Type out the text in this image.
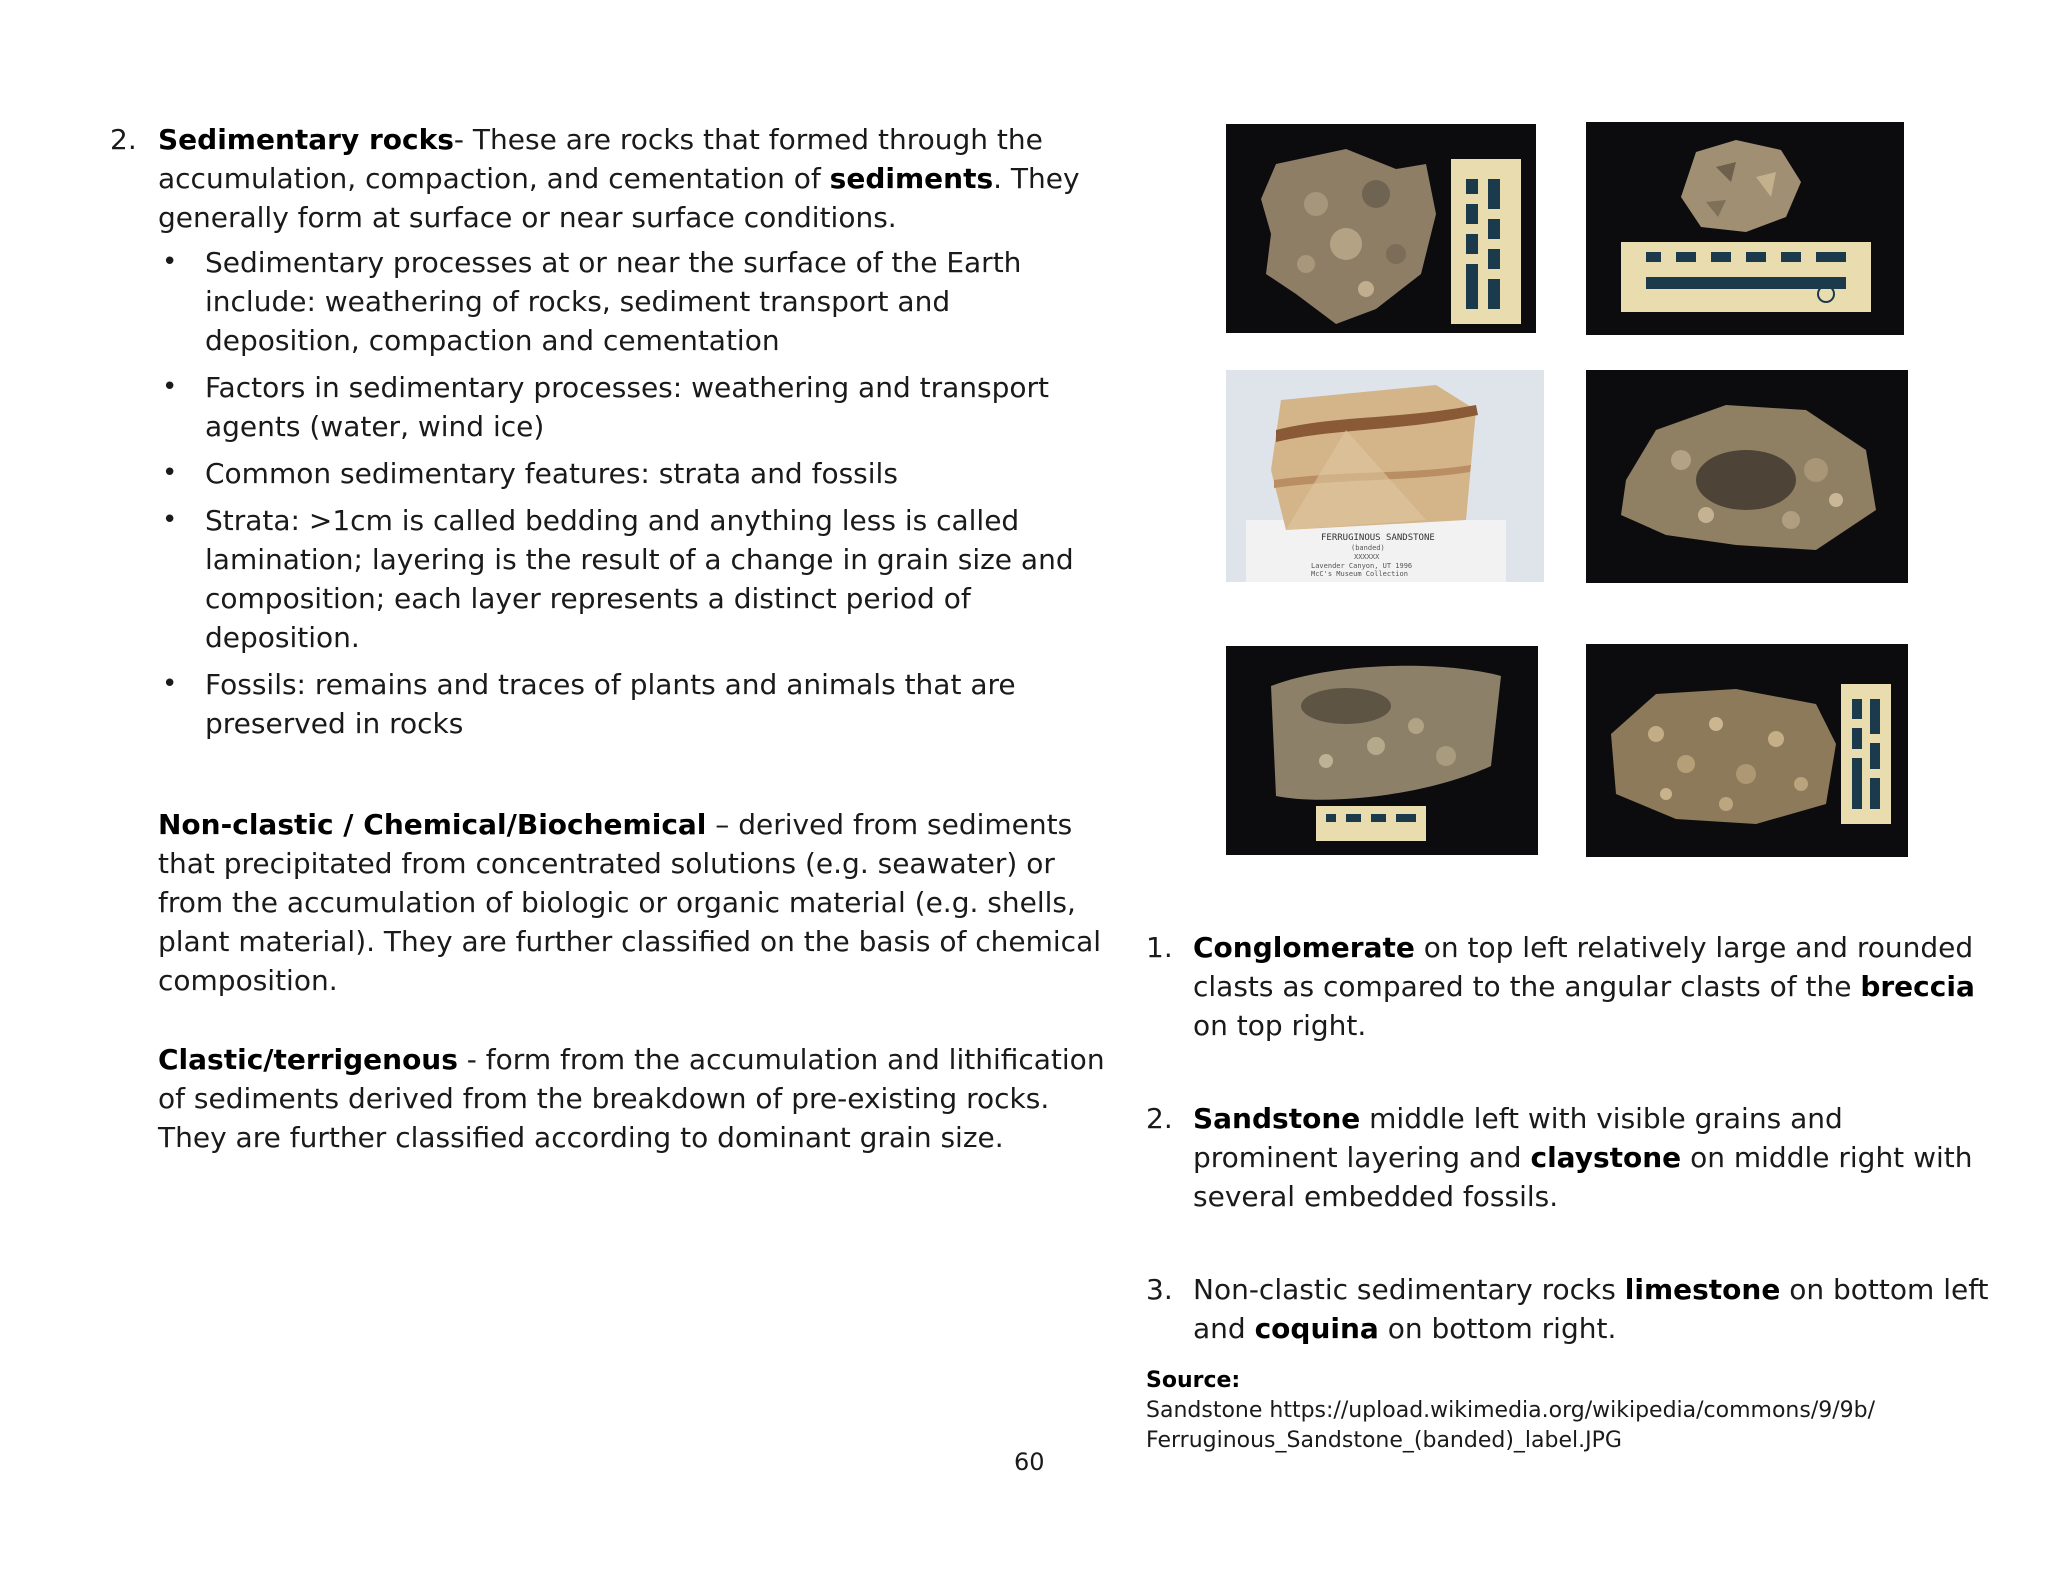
2. Sedimentary rocks- These are rocks that formed through the accumulation, compaction, and cementation of sediments. They generally form at surface or near surface conditions.
• Sedimentary processes at or near the surface of the Earth include: weathering of rocks, sediment transport and deposition, compaction and cementation
• Factors in sedimentary processes: weathering and transport agents (water, wind ice)
• Common sedimentary features: strata and fossils
• Strata: >1cm is called bedding and anything less is called lamination; layering is the result of a change in grain size and composition; each layer represents a distinct period of deposition.
• Fossils: remains and traces of plants and animals that are preserved in rocks
Non-clastic / Chemical/Biochemical – derived from sediments that precipitated from concentrated solutions (e.g. seawater) or from the accumulation of biologic or organic material (e.g. shells, plant material). They are further classified on the basis of chemical composition.
Clastic/terrigenous - form from the accumulation and lithification of sediments derived from the breakdown of pre-existing rocks. They are further classified according to dominant grain size.
FERRUGINOUS SANDSTONE
(banded)
XXXXXX
Lavender Canyon, UT 1996
McC's Museum Collection
1. Conglomerate on top left relatively large and rounded clasts as compared to the angular clasts of the breccia on top right.
2. Sandstone middle left with visible grains and prominent layering and claystone on middle right with several embedded fossils.
3. Non-clastic sedimentary rocks limestone on bottom left and coquina on bottom right.
Source:
Sandstone https://upload.wikimedia.org/wikipedia/commons/9/9b/
Ferruginous_Sandstone_(banded)_label.JPG
60
